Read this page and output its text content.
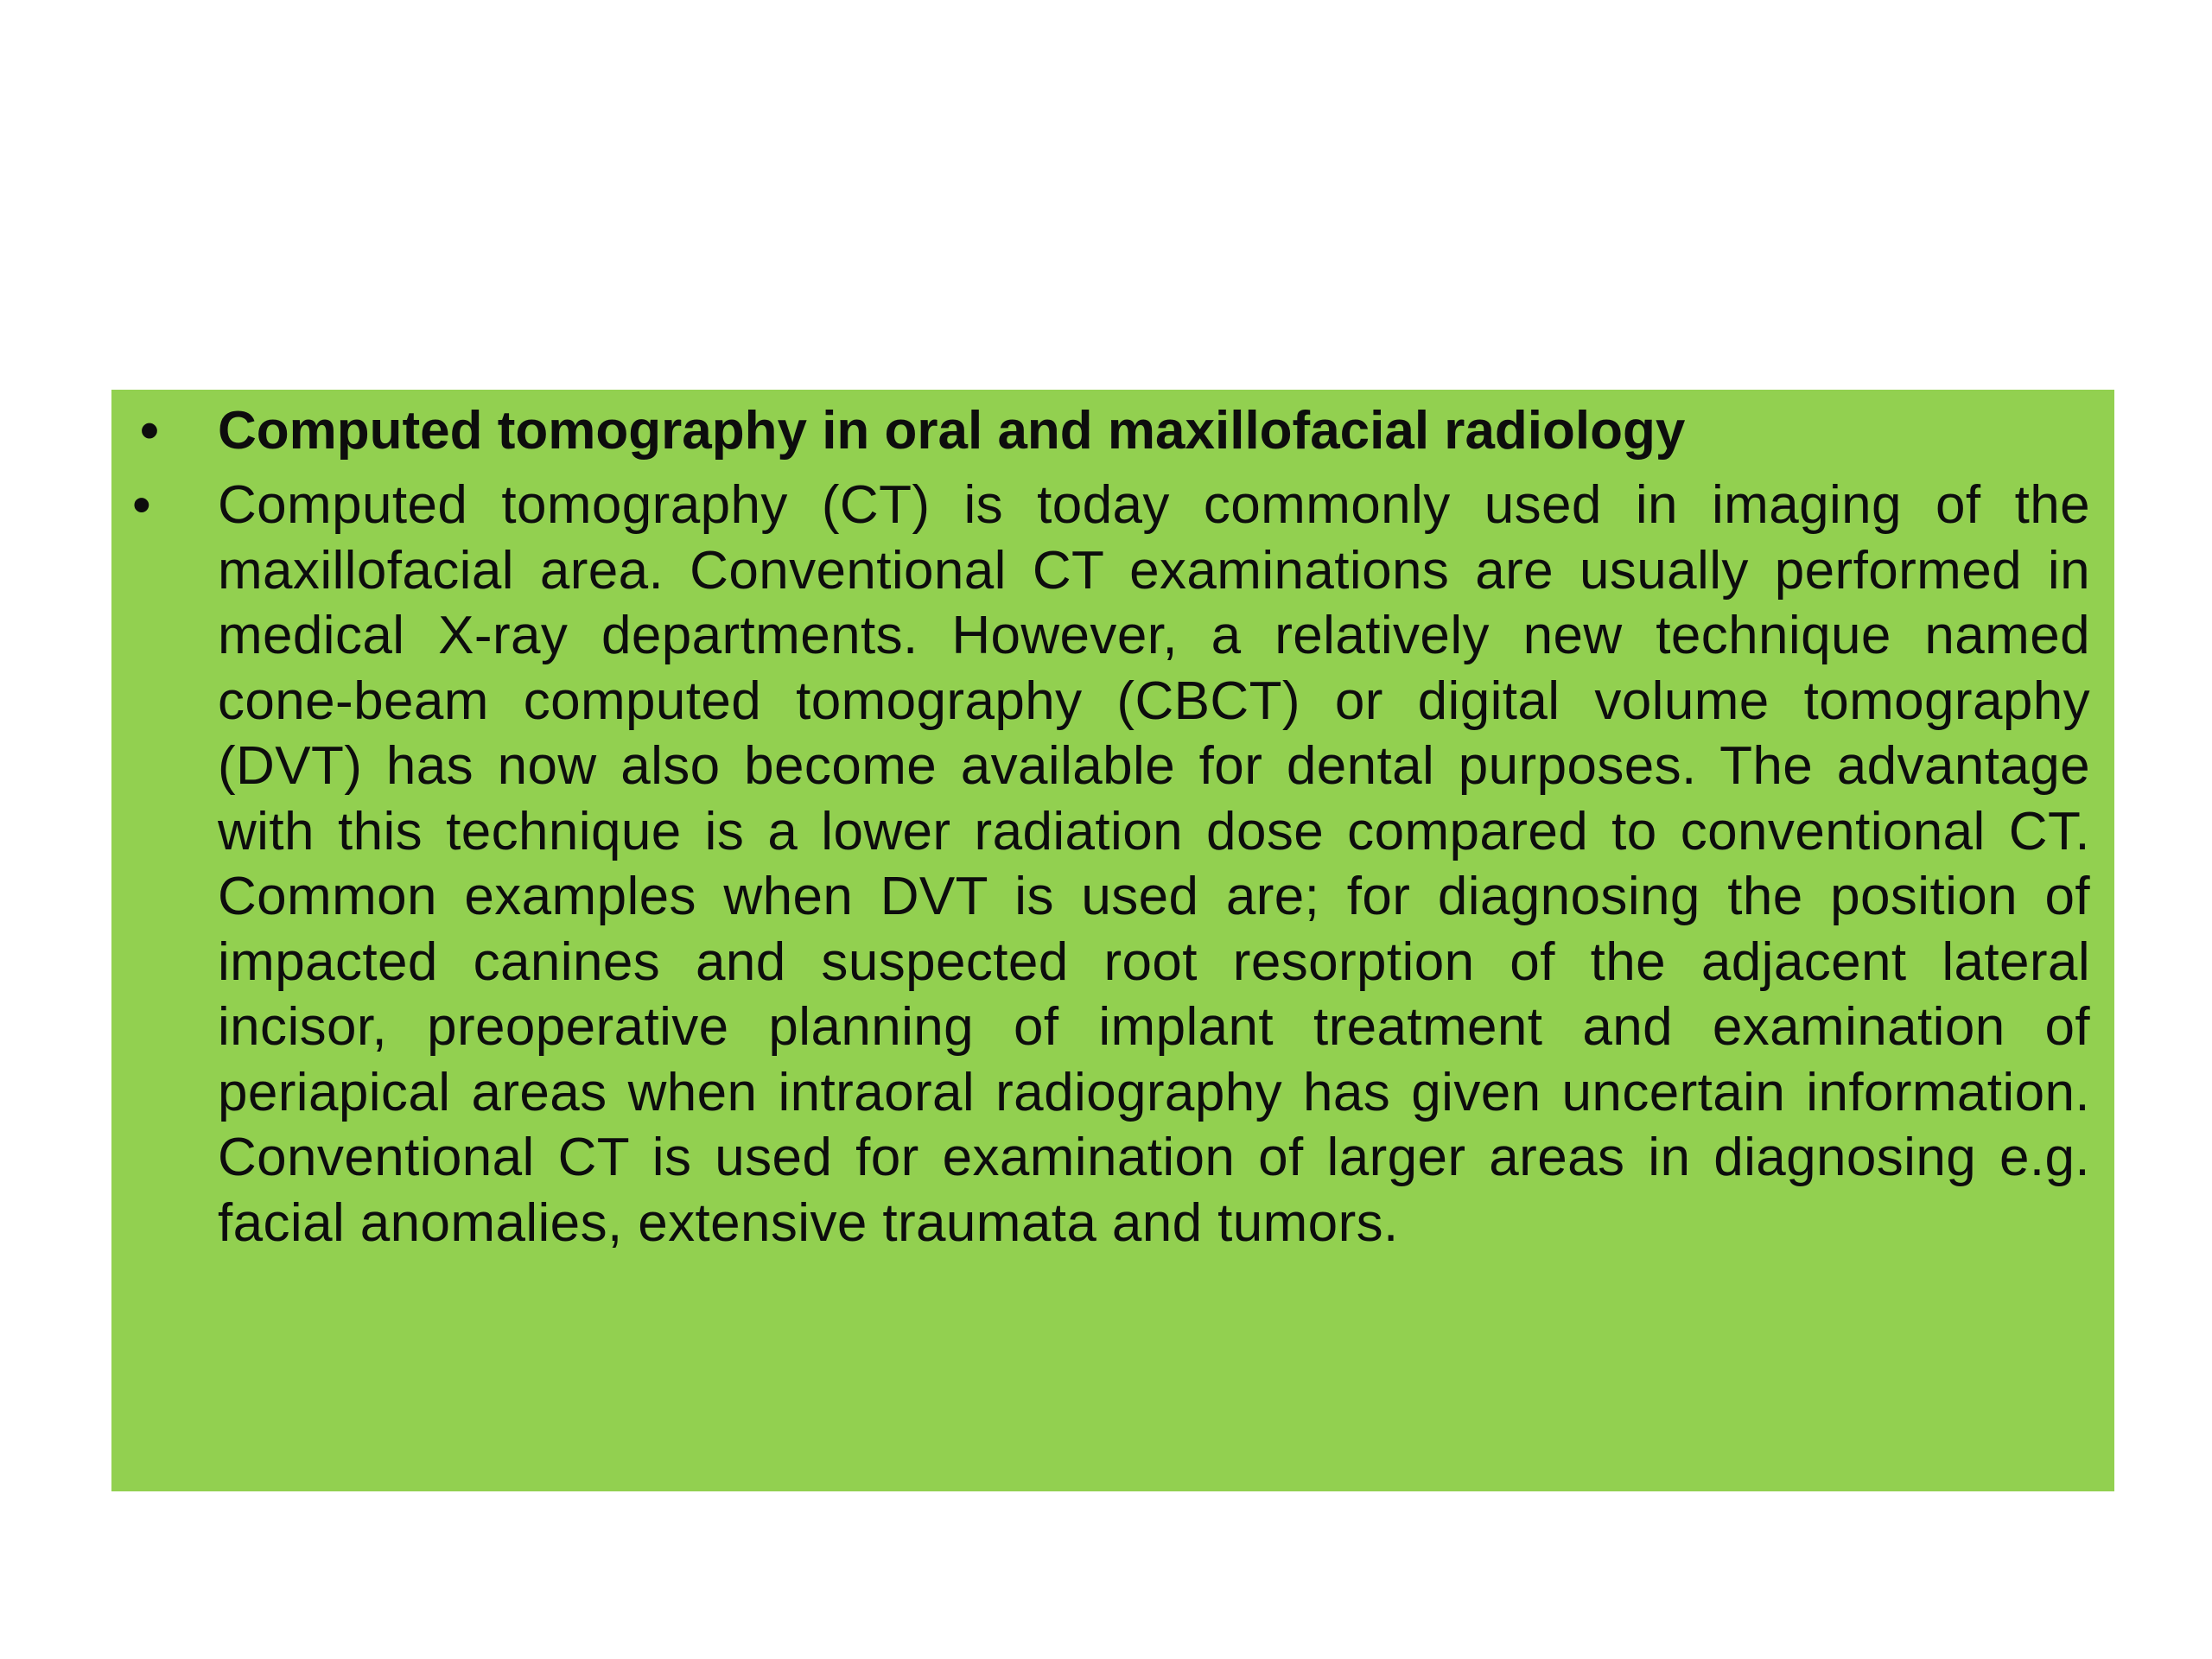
• Computed tomography in oral and maxillofacial radiology
• Computed tomography (CT) is today commonly used in imaging of the maxillofacial area. Conventional CT examinations are usually performed in medical X-ray departments. However, a relatively new technique named cone-beam computed tomography (CBCT) or digital volume tomography (DVT) has now also become available for dental purposes. The advantage with this technique is a lower radiation dose compared to conventional CT. Common examples when DVT is used are; for diagnosing the position of impacted canines and suspected root resorption of the adjacent lateral incisor, preoperative planning of implant treatment and examination of periapical areas when intraoral radiography has given uncertain information. Conventional CT is used for examination of larger areas in diagnosing e.g. facial anomalies, extensive traumata and tumors.
